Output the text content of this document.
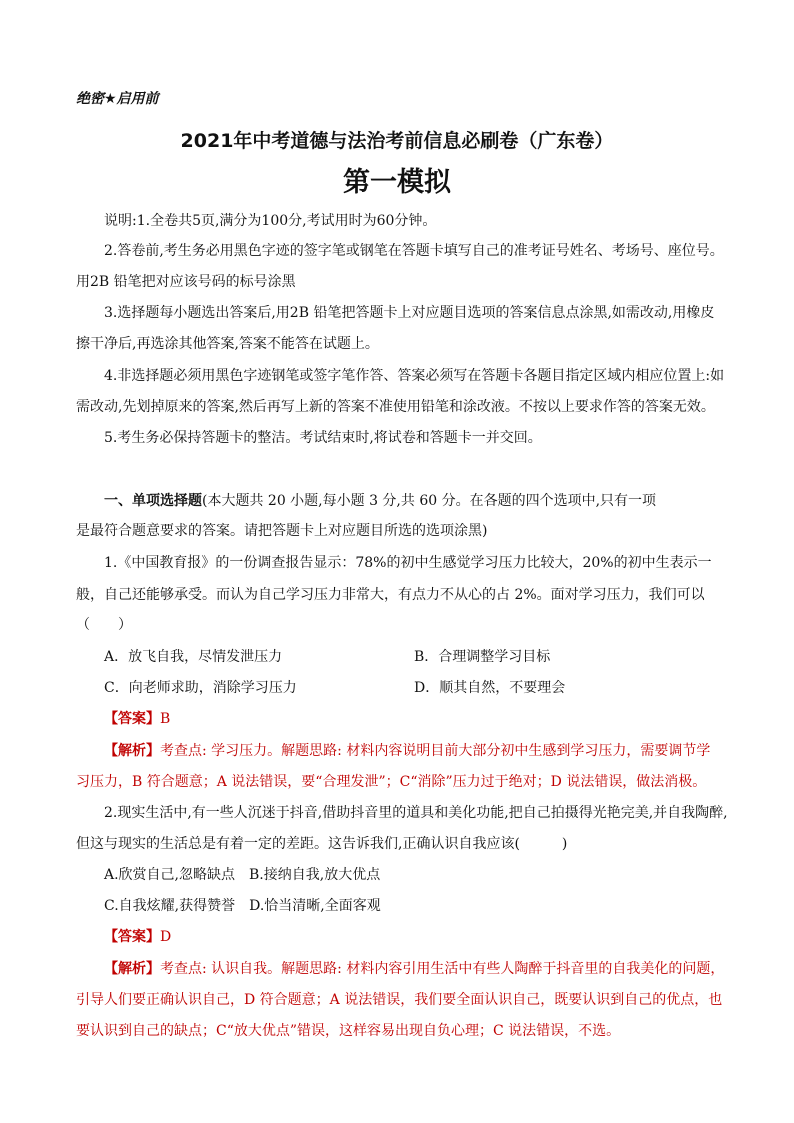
绝密★启用前
2021年中考道德与法治考前信息必刷卷（广东卷）
第一模拟
说明:1.全卷共5页,满分为100分,考试用时为60分钟。
2.答卷前,考生务必用黑色字迹的签字笔或钢笔在答题卡填写自己的准考证号姓名、考场号、座位号。
用2B 铅笔把对应该号码的标号涂黑
3.选择题每小题选出答案后,用2B 铅笔把答题卡上对应题目选项的答案信息点涂黑,如需改动,用橡皮
擦干净后,再选涂其他答案,答案不能答在试题上。
4.非选择题必须用黑色字迹钢笔或签字笔作答、答案必须写在答题卡各题目指定区域内相应位置上:如
需改动,先划掉原来的答案,然后再写上新的答案不准使用铅笔和涂改液。不按以上要求作答的答案无效。
5.考生务必保持答题卡的整洁。考试结束时,将试卷和答题卡一并交回。
一、单项选择题(本大题共 20 小题,每小题 3 分,共 60 分。在各题的四个选项中,只有一项
是最符合题意要求的答案。请把答题卡上对应题目所选的选项涂黑)
1.《中国教育报》的一份调查报告显示：78%的初中生感觉学习压力比较大，20%的初中生表示一
般，自己还能够承受。而认为自己学习压力非常大，有点力不从心的占 2%。面对学习压力，我们可以
（　　）
A．放飞自我，尽情发泄压力	B．合理调整学习目标
C．向老师求助，消除学习压力	D．顺其自然，不要理会
【答案】B
【解析】考查点: 学习压力。解题思路: 材料内容说明目前大部分初中生感到学习压力，需要调节学
习压力，B 符合题意；A 说法错误，要“合理发泄”；C“消除”压力过于绝对；D 说法错误，做法消极。
2.现实生活中,有一些人沉迷于抖音,借助抖音里的道具和美化功能,把自己拍摄得光艳完美,并自我陶醉,
但这与现实的生活总是有着一定的差距。这告诉我们,正确认识自我应该(　　　)
A.欣赏自己,忽略缺点　B.接纳自我,放大优点
C.自我炫耀,获得赞誉　D.恰当清晰,全面客观
【答案】D
【解析】考查点: 认识自我。解题思路: 材料内容引用生活中有些人陶醉于抖音里的自我美化的问题，
引导人们要正确认识自己，D 符合题意；A 说法错误，我们要全面认识自己，既要认识到自己的优点，也
要认识到自己的缺点；C“放大优点”错误，这样容易出现自负心理；C 说法错误，不选。
